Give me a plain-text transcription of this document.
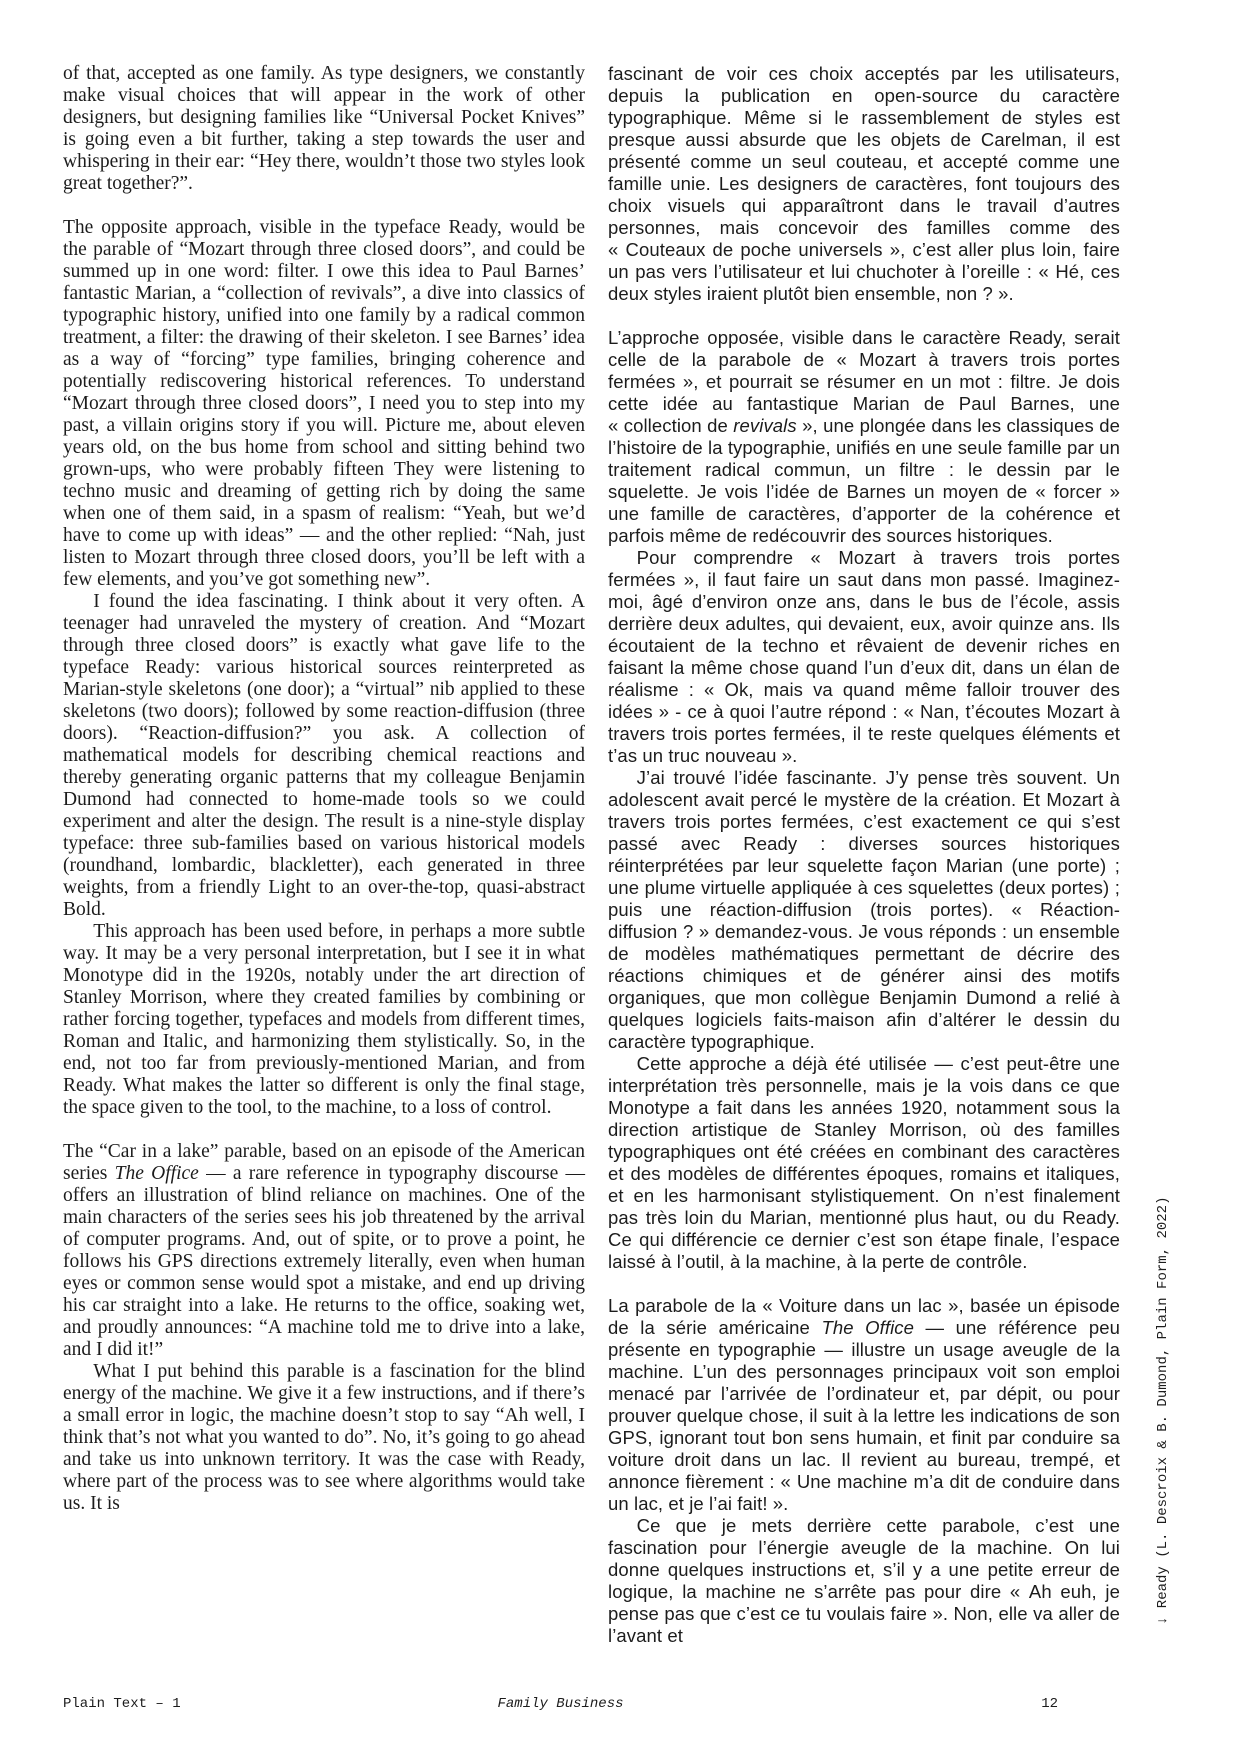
of that, accepted as one family. As type designers, we constantly make visual choices that will appear in the work of other designers, but designing families like “Universal Pocket Knives” is going even a bit further, taking a step towards the user and whispering in their ear: “Hey there, wouldn’t those two styles look great together?”.

The opposite approach, visible in the typeface Ready, would be the parable of “Mozart through three closed doors”, and could be summed up in one word: filter. I owe this idea to Paul Barnes’ fantastic Marian, a “collection of revivals”, a dive into classics of typographic history, unified into one family by a radical common treatment, a filter: the drawing of their skeleton. I see Barnes’ idea as a way of “forcing” type families, bringing coherence and potentially rediscovering historical references. To understand “Mozart through three closed doors”, I need you to step into my past, a villain origins story if you will. Picture me, about eleven years old, on the bus home from school and sitting behind two grown-ups, who were probably fifteen They were listening to techno music and dreaming of getting rich by doing the same when one of them said, in a spasm of realism: “Yeah, but we’d have to come up with ideas” — and the other replied: “Nah, just listen to Mozart through three closed doors, you’ll be left with a few elements, and you’ve got something new”.

I found the idea fascinating. I think about it very often. A teenager had unraveled the mystery of creation. And “Mozart through three closed doors” is exactly what gave life to the typeface Ready: various historical sources reinterpreted as Marian-style skeletons (one door); a “virtual” nib applied to these skeletons (two doors); followed by some reaction-diffusion (three doors). “Reaction-diffusion?” you ask. A collection of mathematical models for describing chemical reactions and thereby generating organic patterns that my colleague Benjamin Dumond had connected to home-made tools so we could experiment and alter the design. The result is a nine-style display typeface: three sub-families based on various historical models (roundhand, lombardic, blackletter), each generated in three weights, from a friendly Light to an over-the-top, quasi-abstract Bold.

This approach has been used before, in perhaps a more subtle way. It may be a very personal interpretation, but I see it in what Monotype did in the 1920s, notably under the art direction of Stanley Morrison, where they created families by combining or rather forcing together, typefaces and models from different times, Roman and Italic, and harmonizing them stylistically. So, in the end, not too far from previously-mentioned Marian, and from Ready. What makes the latter so different is only the final stage, the space given to the tool, to the machine, to a loss of control.

The “Car in a lake” parable, based on an episode of the American series The Office — a rare reference in typography discourse — offers an illustration of blind reliance on machines. One of the main characters of the series sees his job threatened by the arrival of computer programs. And, out of spite, or to prove a point, he follows his GPS directions extremely literally, even when human eyes or common sense would spot a mistake, and end up driving his car straight into a lake. He returns to the office, soaking wet, and proudly announces: “A machine told me to drive into a lake, and I did it!”

What I put behind this parable is a fascination for the blind energy of the machine. We give it a few instructions, and if there’s a small error in logic, the machine doesn’t stop to say “Ah well, I think that’s not what you wanted to do”. No, it’s going to go ahead and take us into unknown territory. It was the case with Ready, where part of the process was to see where algorithms would take us. It is

fascinant de voir ces choix acceptés par les utilisateurs, depuis la publication en open-source du caractère typographique. Même si le rassemblement de styles est presque aussi absurde que les objets de Carelman, il est présenté comme un seul couteau, et accepté comme une famille unie. Les designers de caractères, font toujours des choix visuels qui apparaîtront dans le travail d’autres personnes, mais concevoir des familles comme des « Couteaux de poche universels », c’est aller plus loin, faire un pas vers l’utilisateur et lui chuchoter à l’oreille : « Hé, ces deux styles iraient plutôt bien ensemble, non ? ».

L’approche opposée, visible dans le caractère Ready, serait celle de la parabole de « Mozart à travers trois portes fermées », et pourrait se résumer en un mot : filtre. Je dois cette idée au fantastique Marian de Paul Barnes, une « collection de revivals », une plongée dans les classiques de l’histoire de la typographie, unifiés en une seule famille par un traitement radical commun, un filtre : le dessin par le squelette. Je vois l’idée de Barnes un moyen de « forcer » une famille de caractères, d’apporter de la cohérence et parfois même de redécouvrir des sources historiques.

Pour comprendre « Mozart à travers trois portes fermées », il faut faire un saut dans mon passé. Imaginez-moi, âgé d’environ onze ans, dans le bus de l’école, assis derrière deux adultes, qui devaient, eux, avoir quinze ans. Ils écoutaient de la techno et rêvaient de devenir riches en faisant la même chose quand l’un d’eux dit, dans un élan de réalisme : « Ok, mais va quand même falloir trouver des idées » - ce à quoi l’autre répond : « Nan, t’écoutes Mozart à travers trois portes fermées, il te reste quelques éléments et t’as un truc nouveau ».

J’ai trouvé l’idée fascinante. J’y pense très souvent. Un adolescent avait percé le mystère de la création. Et Mozart à travers trois portes fermées, c’est exactement ce qui s’est passé avec Ready : diverses sources historiques réinterprétées par leur squelette façon Marian (une porte) ; une plume virtuelle appliquée à ces squelettes (deux portes) ; puis une réaction-diffusion (trois portes). « Réaction-diffusion ? » demandez-vous. Je vous réponds : un ensemble de modèles mathématiques permettant de décrire des réactions chimiques et de générer ainsi des motifs organiques, que mon collègue Benjamin Dumond a relié à quelques logiciels faits-maison afin d’altérer le dessin du caractère typographique.

Cette approche a déjà été utilisée — c’est peut-être une interprétation très personnelle, mais je la vois dans ce que Monotype a fait dans les années 1920, notamment sous la direction artistique de Stanley Morrison, où des familles typographiques ont été créées en combinant des caractères et des modèles de différentes époques, romains et italiques, et en les harmonisant stylistiquement. On n’est finalement pas très loin du Marian, mentionné plus haut, ou du Ready. Ce qui différencie ce dernier c’est son étape finale, l’espace laissé à l’outil, à la machine, à la perte de contrôle.

La parabole de la « Voiture dans un lac », basée un épisode de la série américaine The Office — une référence peu présente en typographie — illustre un usage aveugle de la machine. L’un des personnages principaux voit son emploi menacé par l’arrivée de l’ordinateur et, par dépit, ou pour prouver quelque chose, il suit à la lettre les indications de son GPS, ignorant tout bon sens humain, et finit par conduire sa voiture droit dans un lac. Il revient au bureau, trempé, et annonce fièrement : « Une machine m’a dit de conduire dans un lac, et je l’ai fait! ».

Ce que je mets derrière cette parabole, c’est une fascination pour l’énergie aveugle de la machine. On lui donne quelques instructions et, s’il y a une petite erreur de logique, la machine ne s’arrête pas pour dire « Ah euh, je pense pas que c’est ce tu voulais faire ». Non, elle va aller de l’avant et

↓ Ready (L. Descroix & B. Dumond, Plain Form, 2022)
Plain Text – 1	Family Business	12
